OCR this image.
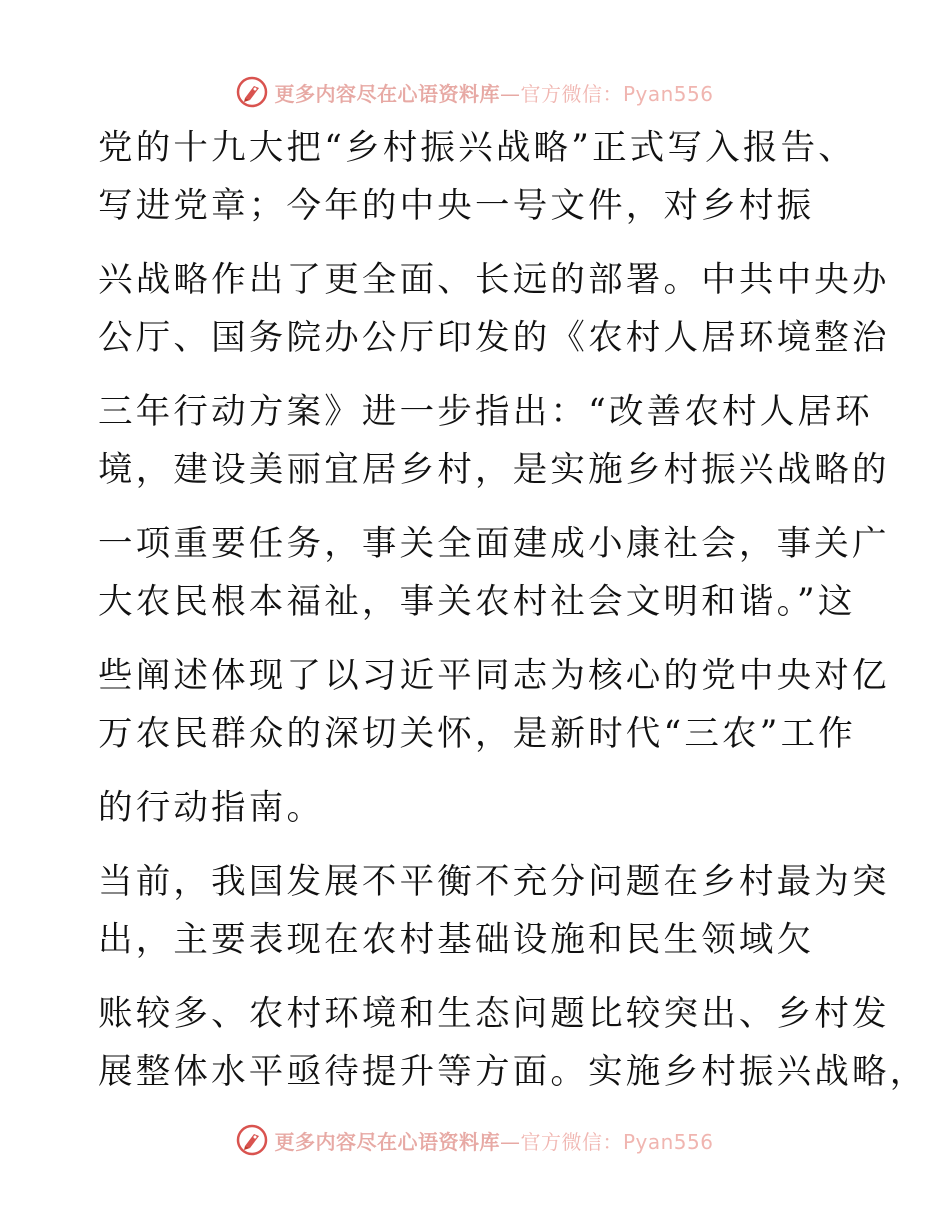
更多内容尽在心语资料库—官方微信：Pyan556
党的十九大把“乡村振兴战略”正式写入报告、
写进党章；今年的中央一号文件，对乡村振
兴战略作出了更全面、长远的部署。中共中央办
公厅、国务院办公厅印发的《农村人居环境整治
三年行动方案》进一步指出：“改善农村人居环
境，建设美丽宜居乡村，是实施乡村振兴战略的
一项重要任务，事关全面建成小康社会，事关广
大农民根本福祉，事关农村社会文明和谐。”这
些阐述体现了以习近平同志为核心的党中央对亿
万农民群众的深切关怀，是新时代“三农”工作
的行动指南。
当前，我国发展不平衡不充分问题在乡村最为突
出，主要表现在农村基础设施和民生领域欠
账较多、农村环境和生态问题比较突出、乡村发
展整体水平亟待提升等方面。实施乡村振兴战略，
更多内容尽在心语资料库—官方微信：Pyan556
